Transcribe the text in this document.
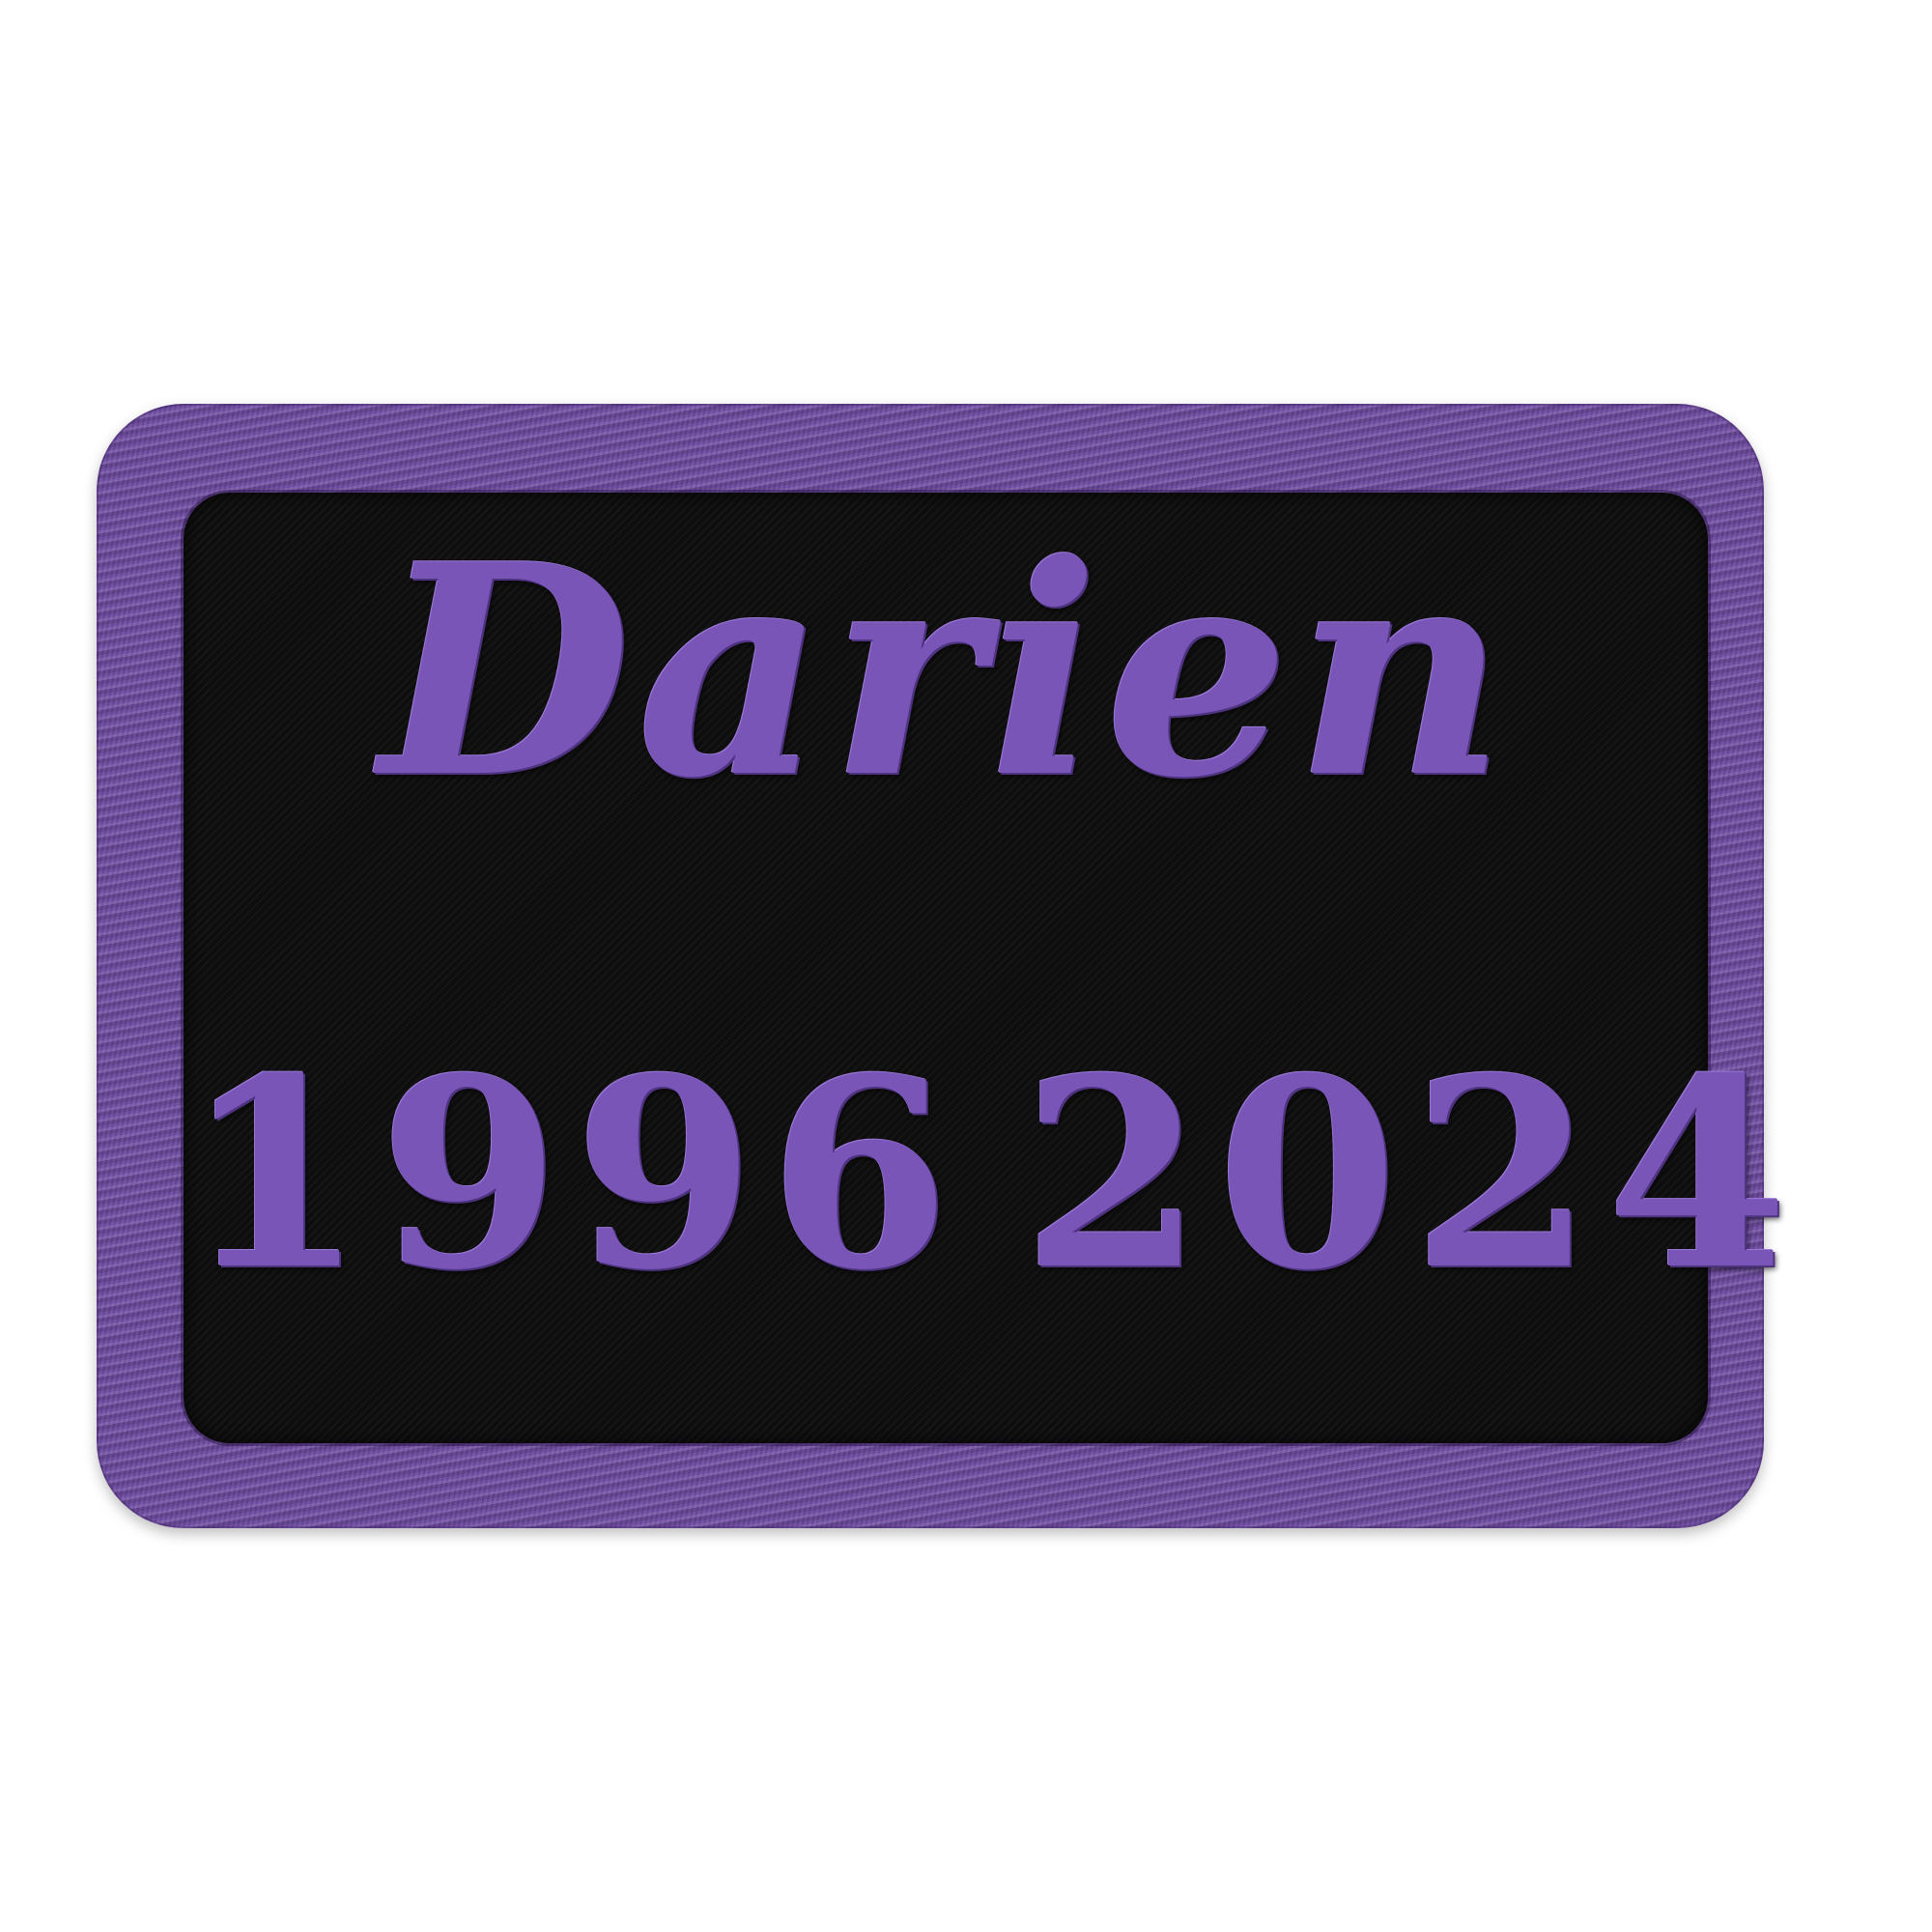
Darien
1996 2024
